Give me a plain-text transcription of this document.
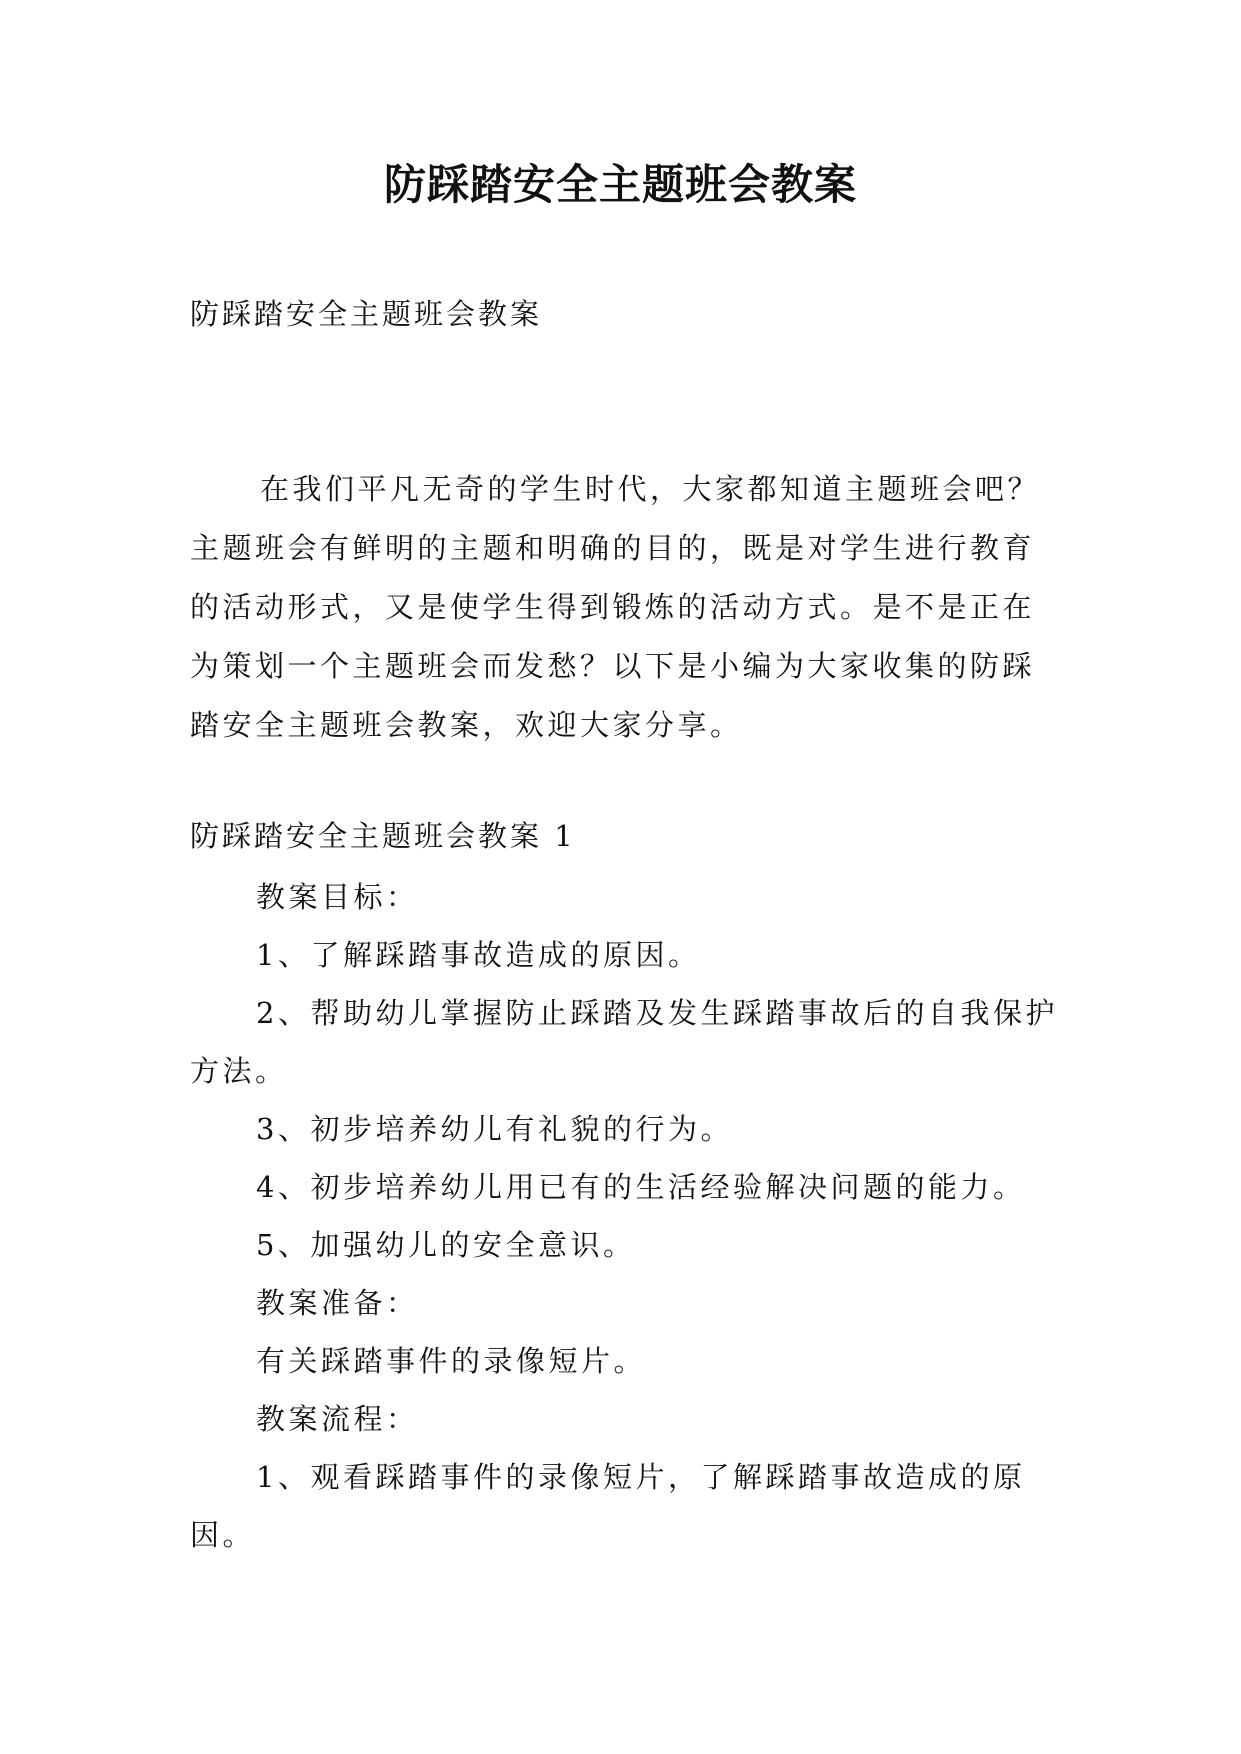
防踩踏安全主题班会教案

防踩踏安全主题班会教案

在我们平凡无奇的学生时代，大家都知道主题班会吧？主题班会有鲜明的主题和明确的目的，既是对学生进行教育的活动形式，又是使学生得到锻炼的活动方式。是不是正在为策划一个主题班会而发愁？以下是小编为大家收集的防踩踏安全主题班会教案，欢迎大家分享。

防踩踏安全主题班会教案 1

教案目标：

1、了解踩踏事故造成的原因。

2、帮助幼儿掌握防止踩踏及发生踩踏事故后的自我保护方法。

3、初步培养幼儿有礼貌的行为。

4、初步培养幼儿用已有的生活经验解决问题的能力。

5、加强幼儿的安全意识。

教案准备：

有关踩踏事件的录像短片。

教案流程：

1、观看踩踏事件的录像短片，了解踩踏事故造成的原因。
